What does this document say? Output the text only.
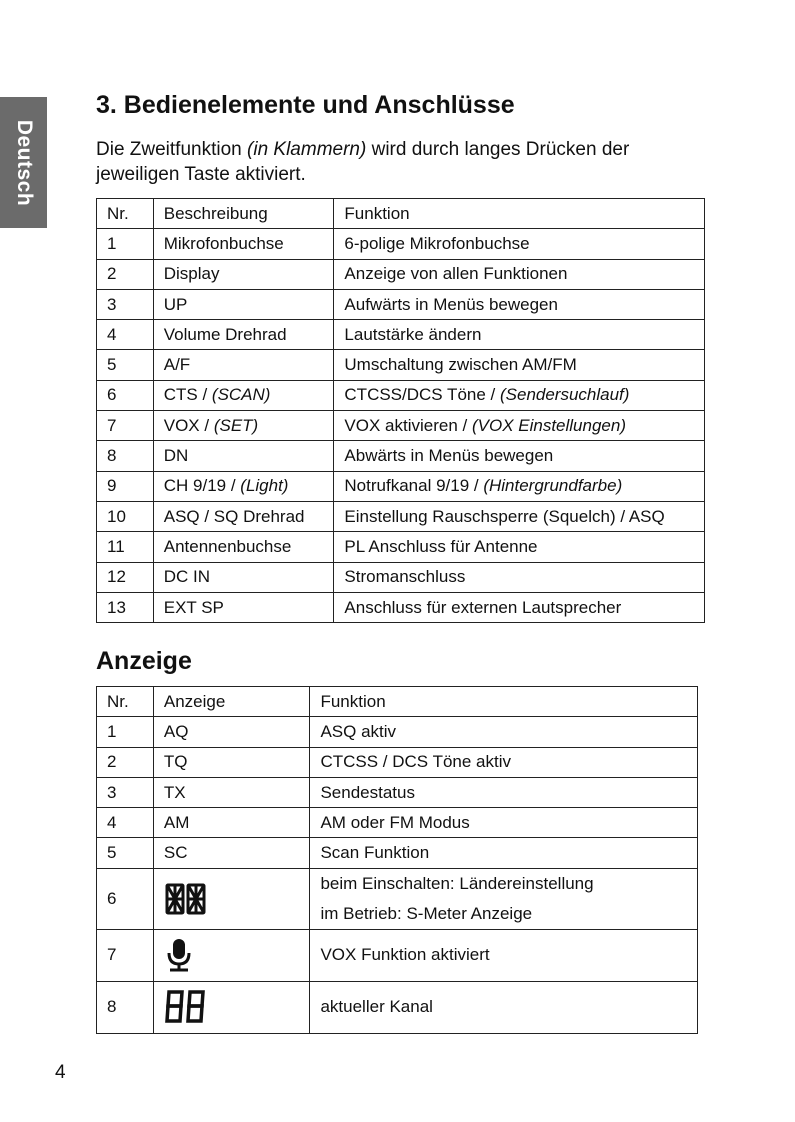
Deutsch
3. Bedienelemente und Anschlüsse

Die Zweitfunktion (in Klammern) wird durch langes Drücken der jeweiligen Taste aktiviert.

Nr.	Beschreibung	Funktion
1	Mikrofonbuchse	6-polige Mikrofonbuchse
2	Display	Anzeige von allen Funktionen
3	UP	Aufwärts in Menüs bewegen
4	Volume Drehrad	Lautstärke ändern
5	A/F	Umschaltung zwischen AM/FM
6	CTS / (SCAN)	CTCSS/DCS Töne / (Sendersuchlauf)
7	VOX / (SET)	VOX aktivieren / (VOX Einstellungen)
8	DN	Abwärts in Menüs bewegen
9	CH 9/19 / (Light)	Notrufkanal 9/19 / (Hintergrundfarbe)
10	ASQ / SQ Drehrad	Einstellung Rauschsperre (Squelch) / ASQ
11	Antennenbuchse	PL Anschluss für Antenne
12	DC IN	Stromanschluss
13	EXT SP	Anschluss für externen Lautsprecher
Anzeige
Nr.	Anzeige	Funktion
1	AQ	ASQ aktiv
2	TQ	CTCSS / DCS Töne aktiv
3	TX	Sendestatus
4	AM	AM oder FM Modus
5	SC	Scan Funktion
6		beim Einschalten: Ländereinstellung
im Betrieb: S-Meter Anzeige

7		VOX Funktion aktiviert
8		aktueller Kanal
4
